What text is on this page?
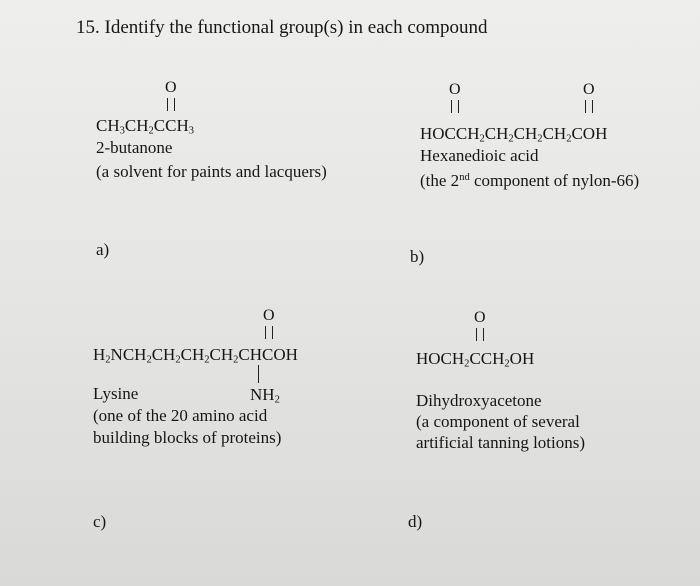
15. Identify the functional group(s) in each compound
O
$CH_3CH_2CCH_3$
2-butanone
(a solvent for paints and lacquers)
a)
O	O
$HOCCH_2CH_2CH_2CH_2COH$
Hexanedioic acid
(the 2nd component of nylon-66)
b)
O
$H_2NCH_2CH_2CH_2CH_2CHCOH$
$NH_2$
Lysine
(one of the 20 amino acid
building blocks of proteins)
c)
O
$HOCH_2CCH_2OH$
Dihydroxyacetone
(a component of several
artificial tanning lotions)
d)
